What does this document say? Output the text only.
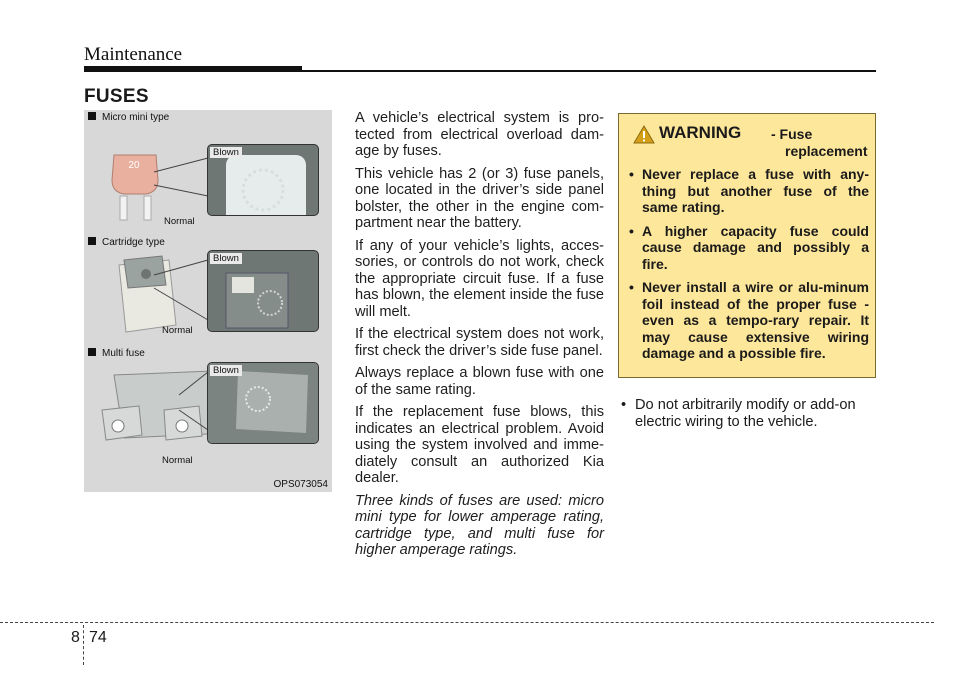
Maintenance
FUSES
20
Micro mini type
Blown
Normal
Cartridge type
Blown
Normal
Multi fuse
Blown
Normal
OPS073054

A vehicle’s electrical system is pro-tected from electrical overload dam-age by fuses.

This vehicle has 2 (or 3) fuse panels, one located in the driver’s side panel bolster, the other in the engine com-partment near the battery.

If any of your vehicle’s lights, acces-sories, or controls do not work, check the appropriate circuit fuse. If a fuse has blown, the element inside the fuse will melt.

If the electrical system does not work, first check the driver’s side fuse panel.

Always replace a blown fuse with one of the same rating.

If the replacement fuse blows, this indicates an electrical problem. Avoid using the system involved and imme-diately consult an authorized Kia dealer.

Three kinds of fuses are used: micro mini type for lower amperage rating, cartridge type, and multi fuse for higher amperage ratings.

WARNING - Fuse
replacement
• Never replace a fuse with any-thing but another fuse of the same rating.
• A higher capacity fuse could cause damage and possibly a fire.
• Never install a wire or alu-minum foil instead of the proper fuse - even as a tempo-rary repair. It may cause extensive wiring damage and a possible fire.
• Do not arbitrarily modify or add-on electric wiring to the vehicle.
8 74
